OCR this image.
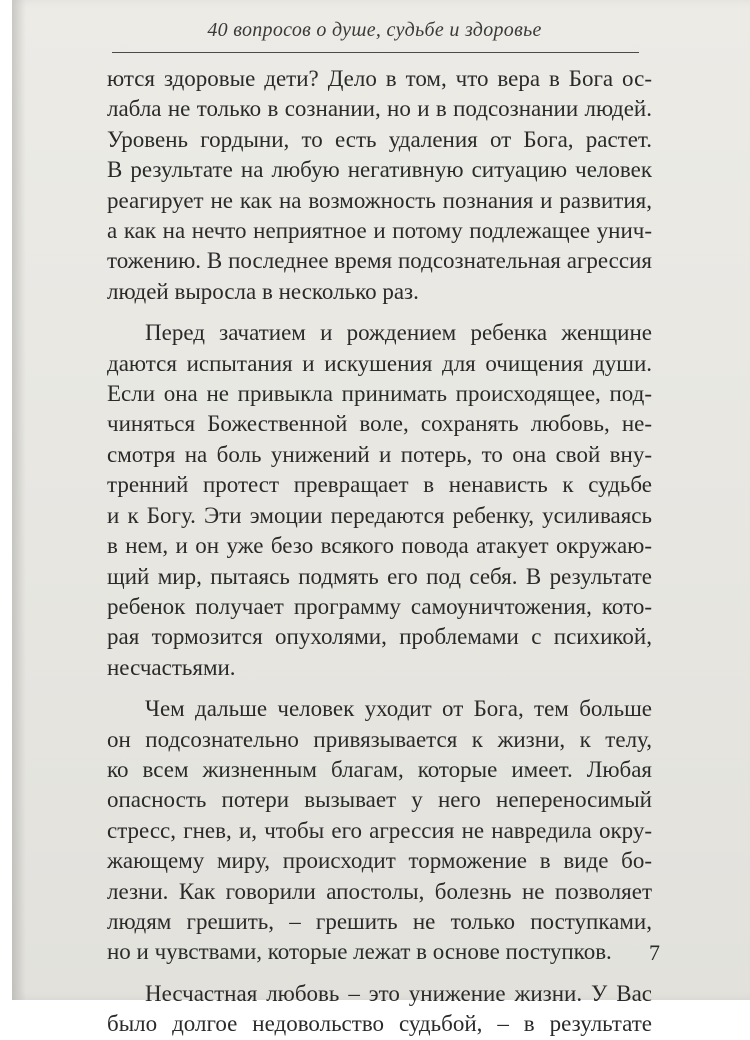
40 вопросов о душе, судьбе и здоровье
ются здоровые дети? Дело в том, что вера в Бога ос-
лабла не только в сознании, но и в подсознании людей.
Уровень гордыни, то есть удаления от Бога, растет.
В результате на любую негативную ситуацию человек
реагирует не как на возможность познания и развития,
а как на нечто неприятное и потому подлежащее унич-
тожению. В последнее время подсознательная агрессия
людей выросла в несколько раз.
Перед зачатием и рождением ребенка женщине
даются испытания и искушения для очищения души.
Если она не привыкла принимать происходящее, под-
чиняться Божественной воле, сохранять любовь, не-
смотря на боль унижений и потерь, то она свой вну-
тренний протест превращает в ненависть к судьбе
и к Богу. Эти эмоции передаются ребенку, усиливаясь
в нем, и он уже безо всякого повода атакует окружаю-
щий мир, пытаясь подмять его под себя. В результате
ребенок получает программу самоуничтожения, кото-
рая тормозится опухолями, проблемами с психикой,
несчастьями.
Чем дальше человек уходит от Бога, тем больше
он подсознательно привязывается к жизни, к телу,
ко всем жизненным благам, которые имеет. Любая
опасность потери вызывает у него непереносимый
стресс, гнев, и, чтобы его агрессия не навредила окру-
жающему миру, происходит торможение в виде бо-
лезни. Как говорили апостолы, болезнь не позволяет
людям грешить, – грешить не только поступками,
но и чувствами, которые лежат в основе поступков.
Несчастная любовь – это унижение жизни. У Вас
было долгое недовольство судьбой, – в результате
7
